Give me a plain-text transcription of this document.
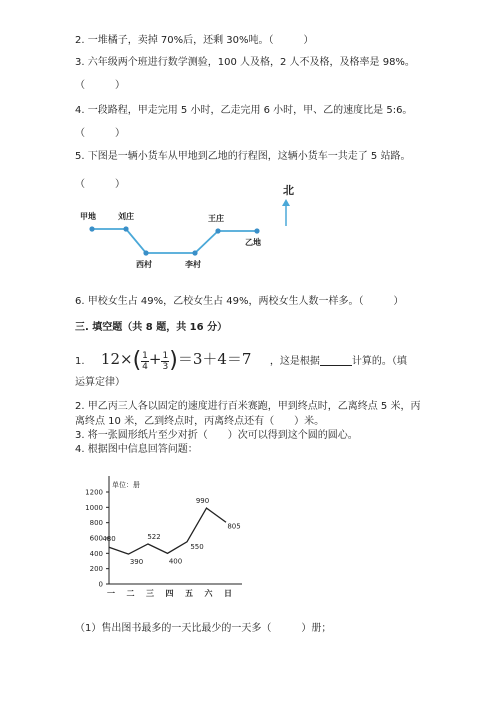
2. 一堆橘子，卖掉 70%后，还剩 30%吨。（　　　）
3. 六年级两个班进行数学测验，100 人及格，2 人不及格，及格率是 98%。
（　　　）
4. 一段路程，甲走完用 5 小时，乙走完用 6 小时，甲、乙的速度比是 5:6。
（　　　）
5. 下图是一辆小货车从甲地到乙地的行程图，这辆小货车一共走了 5 站路。
（　　　）	北
甲地	刘庄
西村	李村
王庄
乙地
6. 甲校女生占 49%，乙校女生占 49%，两校女生人数一样多。（　　　）
三. 填空题（共 8 题，共 16 分）
1. $12\times( \frac{1}{4} + \frac{1}{3} )=3+4=7$ ，这是根据	计算的。（填
运算定律）
2. 甲乙丙三人各以固定的速度进行百米赛跑，甲到终点时，乙离终点 5 米，丙
离终点 10 米，乙到终点时，丙离终点还有（　　）米。
3. 将一张圆形纸片至少对折（　　）次可以得到这个圆的圆心。
4. 根据图中信息回答问题：
单位：册
0
200
400
600
800
1000
1200
一 二 三 四 五 六 日
480
390
522
400
550
990
805
（1）售出图书最多的一天比最少的一天多（　　　）册；
